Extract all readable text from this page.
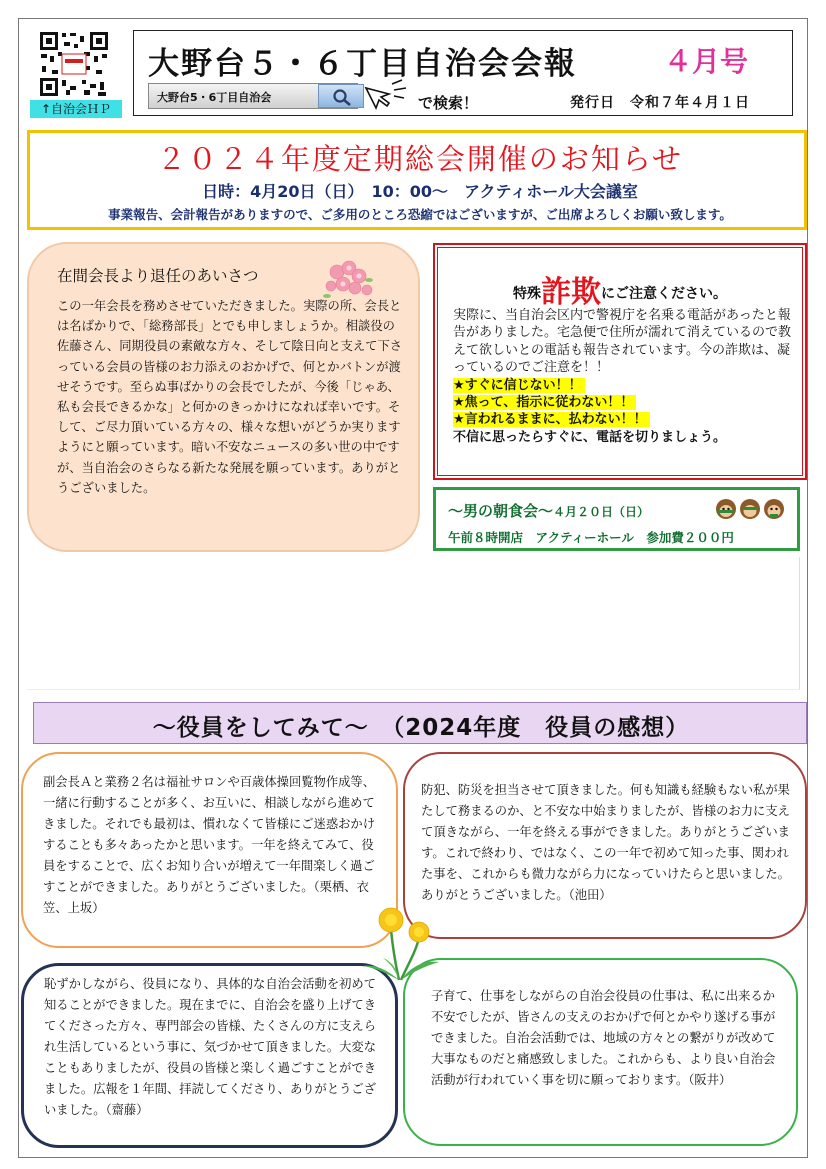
↑自治会ＨＰ
大野台５・６丁目自治会会報	４月号
大野台5・6丁目自治会	で検索！	発行日　令和７年４月１日
２０２４年度定期総会開催のお知らせ
日時：4月20日（日）　10：00～　アクティホール大会議室
事業報告、会計報告がありますので、ご多用のところ恐縮ではございますが、ご出席よろしくお願い致します。
在間会長より退任のあいさつ
この一年会長を務めさせていただきました。実際の所、会長とは名ばかりで、「総務部長」とでも申しましょうか。相談役の佐藤さん、同期役員の素敵な方々、そして陰日向と支えて下さっている会員の皆様のお力添えのおかげで、何とかバトンが渡せそうです。至らぬ事ばかりの会長でしたが、今後「じゃあ、私も会長できるかな」と何かのきっかけになれば幸いです。そして、ご尽力頂いている方々の、様々な想いがどうか実りますようにと願っています。暗い不安なニュースの多い世の中ですが、当自治会のさらなる新たな発展を願っています。ありがとうございました。
特殊詐欺にご注意ください。
実際に、当自治会区内で警視庁を名乗る電話があったと報告がありました。宅急便で住所が濡れて消えているので教えて欲しいとの電話も報告されています。今の詐欺は、凝っているのでご注意を！！
★すぐに信じない！！
★焦って、指示に従わない！！
★言われるままに、払わない！！
不信に思ったらすぐに、電話を切りましょう。
～男の朝食会～４月２０日（日）
午前８時開店　アクティーホール　参加費２００円
～役員をしてみて～　（2024年度　役員の感想）
副会長Ａと業務２名は福祉サロンや百歳体操回覧物作成等、一緒に行動することが多く、お互いに、相談しながら進めてきました。それでも最初は、慣れなくて皆様にご迷惑おかけすることも多々あったかと思います。一年を終えてみて、役員をすることで、広くお知り合いが増えて一年間楽しく過ごすことができました。ありがとうございました。（栗栖、衣笠、上坂）
防犯、防災を担当させて頂きました。何も知識も経験もない私が果たして務まるのか、と不安な中始まりましたが、皆様のお力に支えて頂きながら、一年を終える事ができました。ありがとうございます。これで終わり、ではなく、この一年で初めて知った事、関われた事を、これからも微力ながら力になっていけたらと思いました。ありがとうございました。（池田）
恥ずかしながら、役員になり、具体的な自治会活動を初めて知ることができました。現在までに、自治会を盛り上げてきてくださった方々、専門部会の皆様、たくさんの方に支えられ生活しているという事に、気づかせて頂きました。大変なこともありましたが、役員の皆様と楽しく過ごすことができました。広報を１年間、拝読してくださり、ありがとうございました。（齋藤）
子育て、仕事をしながらの自治会役員の仕事は、私に出来るか不安でしたが、皆さんの支えのおかげで何とかやり遂げる事ができました。自治会活動では、地域の方々との繋がりが改めて大事なものだと痛感致しました。これからも、より良い自治会活動が行われていく事を切に願っております。（阪井）
